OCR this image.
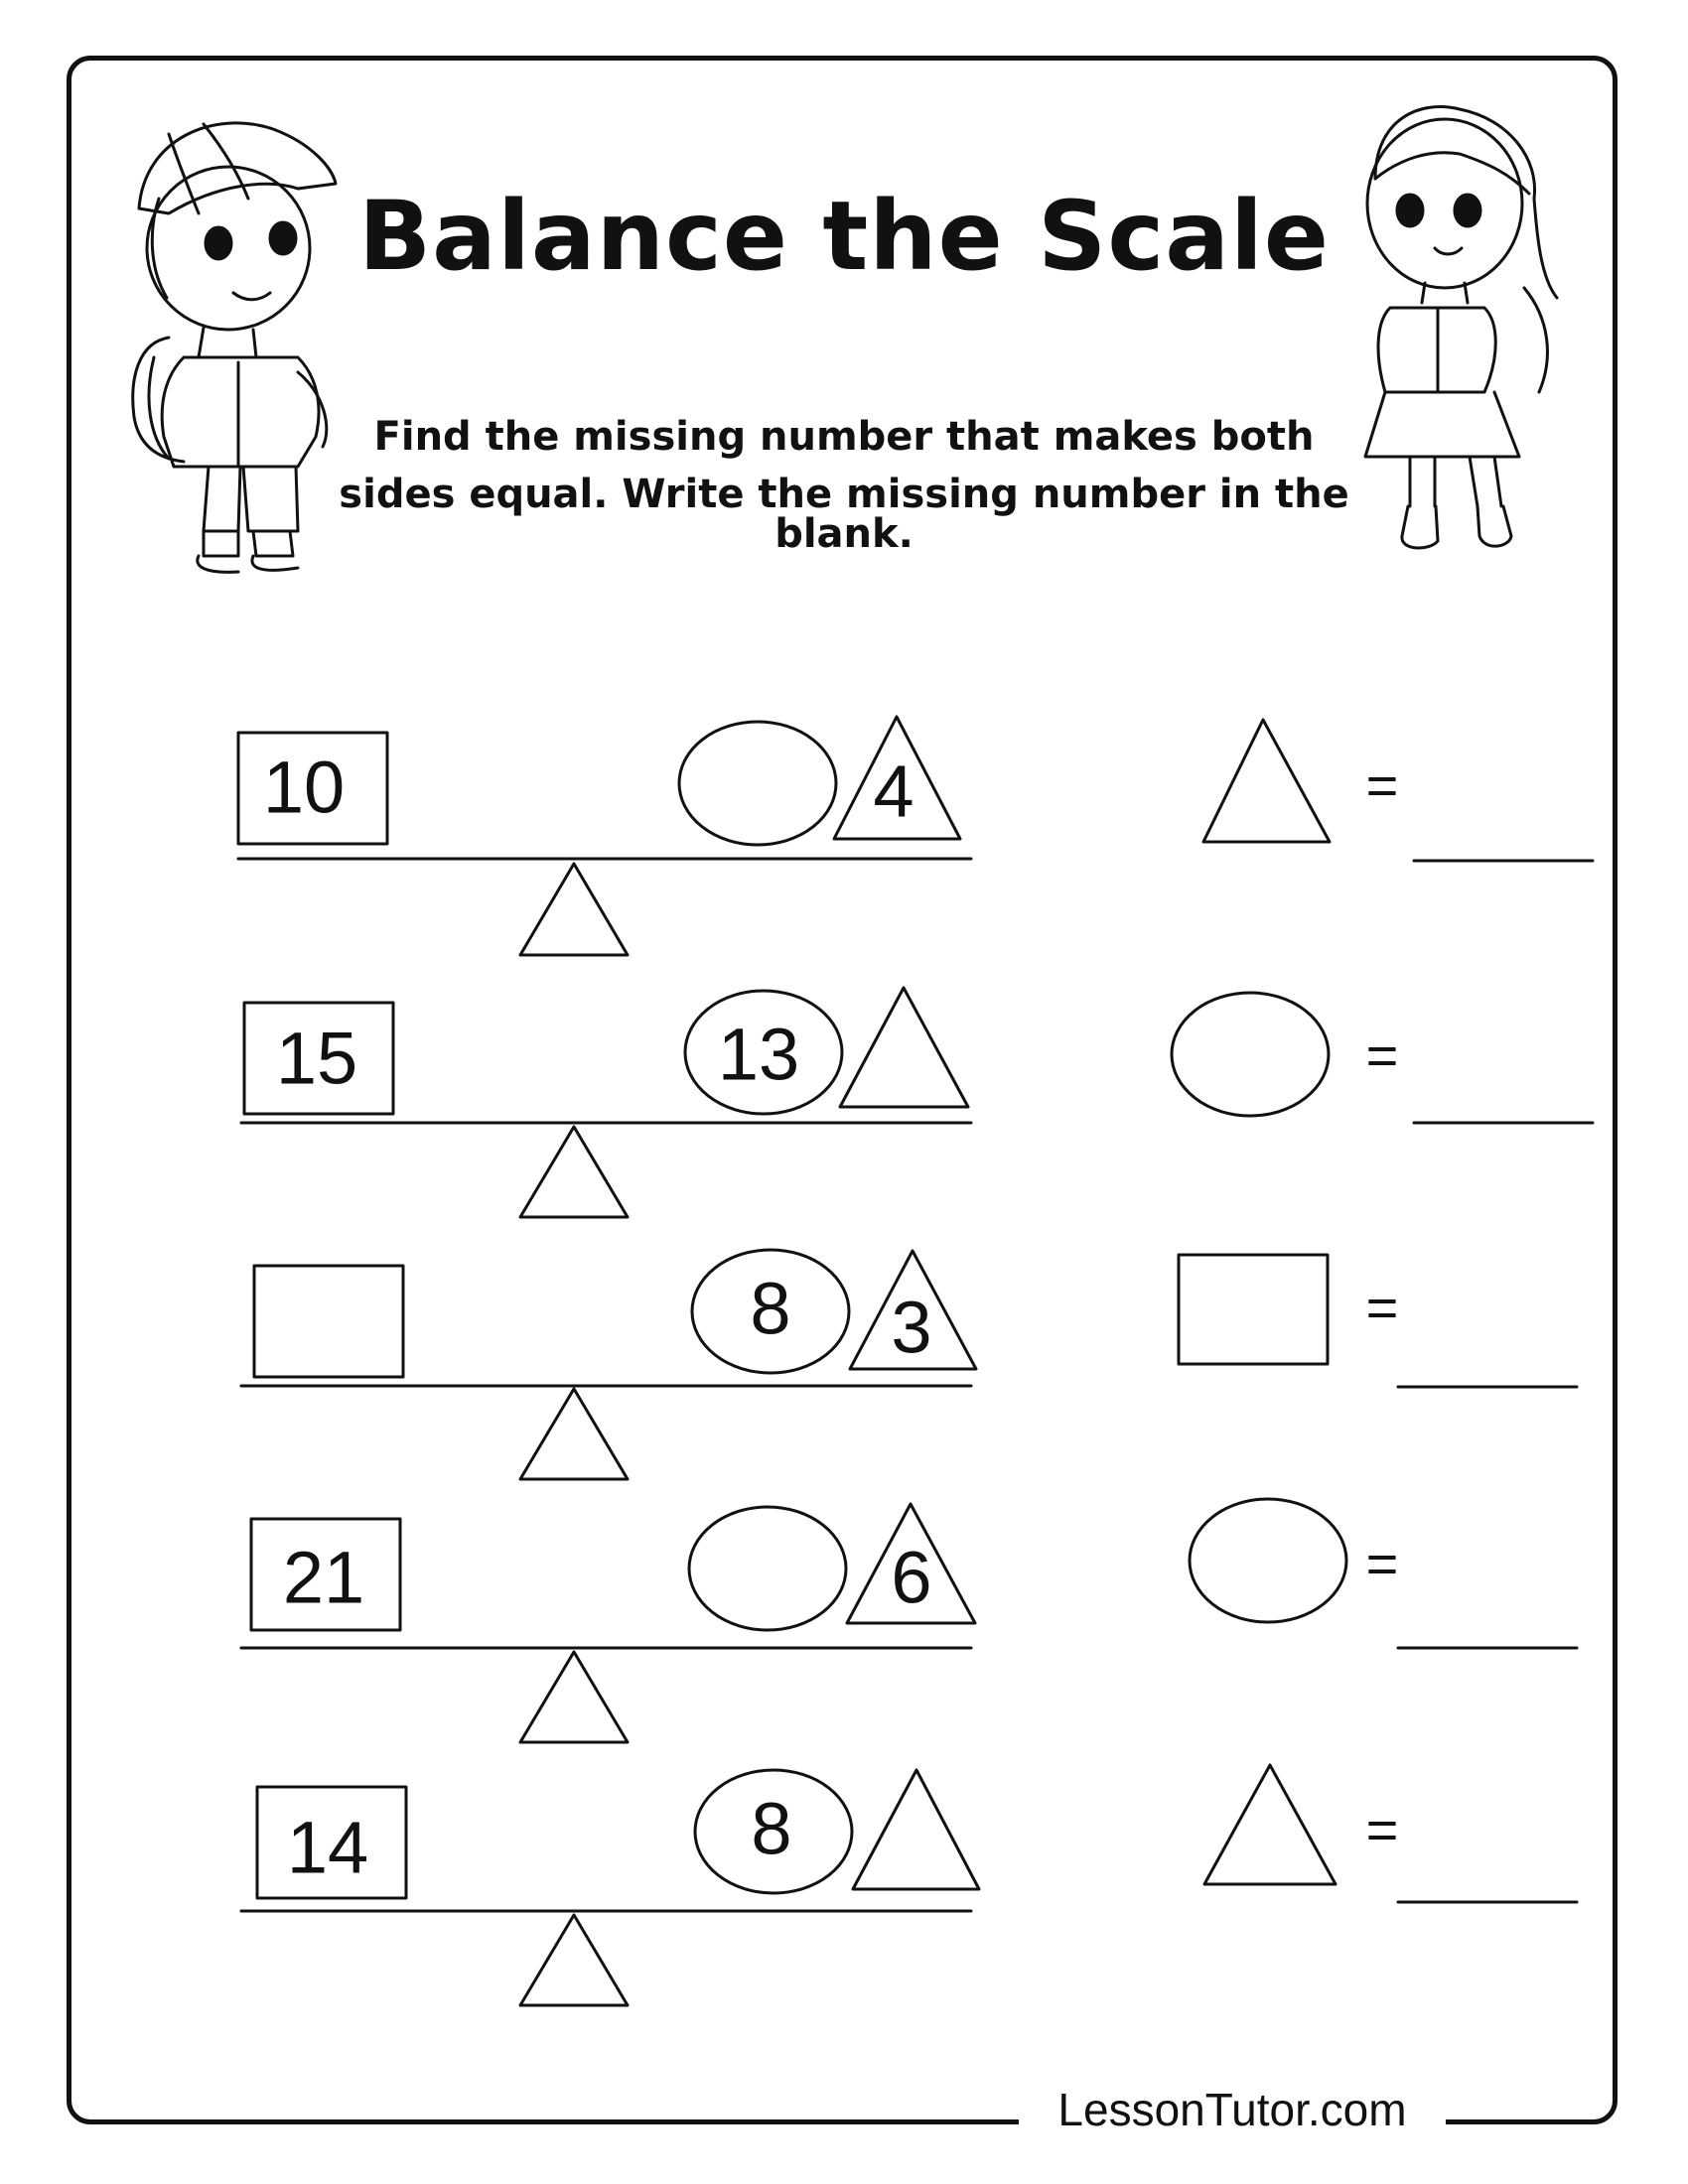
Balance the Scale
Find the missing number that makes both
sides equal. Write the missing number in the blank.
10	4	=
15	13	=
8 3	=
21	6	=
14	8	=
LessonTutor.com
